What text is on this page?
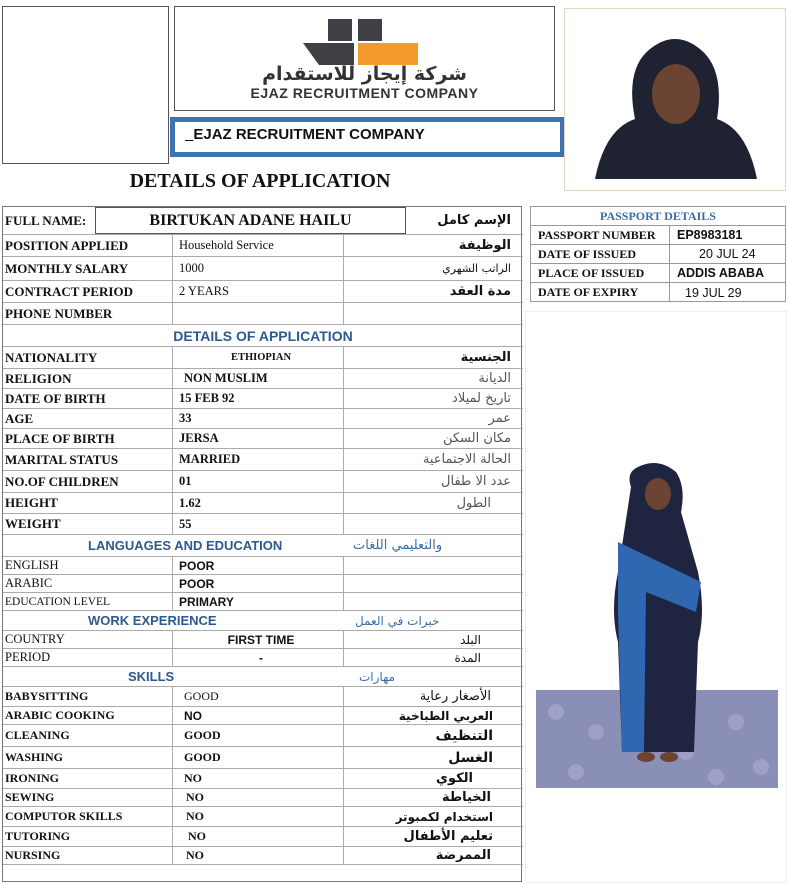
شركة إيجاز للاستقدام
EJAZ RECRUITMENT COMPANY
_EJAZ RECRUITMENT COMPANY
DETAILS OF APPLICATION
FULL NAME:	BIRTUKAN ADANE HAILU	الإسم كامل
POSITION APPLIED	Household Service	الوظيفة
MONTHLY SALARY	1000	الراتب الشهري
CONTRACT PERIOD	2 YEARS	مدة العقد
PHONE NUMBER
DETAILS OF APPLICATION
NATIONALITY	ETHIOPIAN	الجنسية
RELIGION	NON MUSLIM	الديانة
DATE OF BIRTH	15 FEB 92	تاريخ لميلاد
AGE	33	عمر
PLACE OF BIRTH	JERSA	مكان السكن
MARITAL STATUS	MARRIED	الحالة الاجتماعية
NO.OF CHILDREN	01	عدد الا طفال
HEIGHT	1.62	الطول
WEIGHT	55
LANGUAGES AND EDUCATION	والتعليمي اللغات
ENGLISH	POOR
ARABIC	POOR
EDUCATION LEVEL	PRIMARY
WORK EXPERIENCE	خبرات في العمل
COUNTRY	FIRST TIME	البلد
PERIOD	-	المدة
SKILLS	مهارات
BABYSITTING	GOOD	الأصغار رعاية
ARABIC COOKING	NO	العربي الطباخية
CLEANING	GOOD	التنظيف
WASHING	GOOD	الغسل
IRONING	NO	الكوي
SEWING	NO	الخياطة
COMPUTOR SKILLS	NO	استخدام لكمبوتر
TUTORING	NO	تعليم الأطفال
NURSING	NO	الممرضة
PASSPORT DETAILS
PASSPORT NUMBER	EP8983181
DATE OF ISSUED	20 JUL 24
PLACE OF ISSUED	ADDIS ABABA
DATE OF EXPIRY	19 JUL 29
